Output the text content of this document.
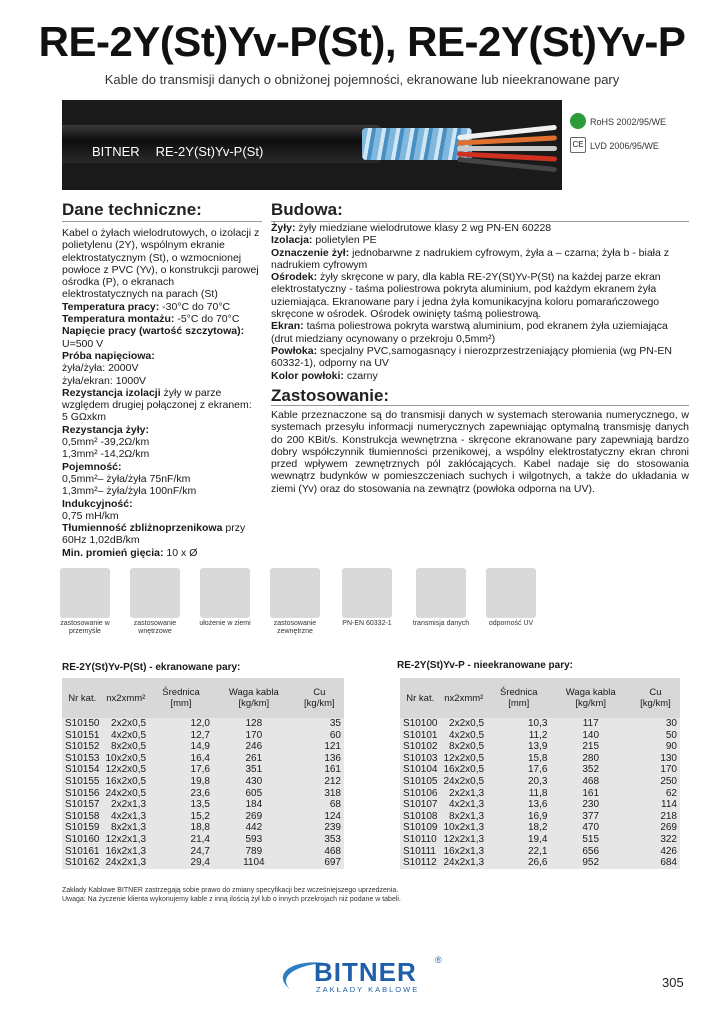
RE-2Y(St)Yv-P(St), RE-2Y(St)Yv-P
Kable do transmisji danych o obniżonej pojemności, ekranowane lub nieekranowane pary
BITNER RE-2Y(St)Yv-P(St)
RoHS 2002/95/WE
CE LVD 2006/95/WE
Dane techniczne:	Budowa:
Kabel o żyłach wielodrutowych, o izolacji z polietylenu (2Y), wspólnym ekranie elektrostatycznym (St), o wzmocnionej powłoce z PVC (Yv), o konstrukcji parowej ośrodka (P), o ekranach elektrostatycznych na parach (St)
Temperatura pracy: -30°C do 70°C
Temperatura montażu: -5°C do 70°C
Napięcie pracy (wartość szczytowa):
U=500 V
Próba napięciowa:
żyła/żyła: 2000V
żyła/ekran: 1000V
Rezystancja izolacji żyły w parze względem drugiej połączonej z ekranem:
5 GΩxkm
Rezystancja żyły:
0,5mm² -39,2Ω/km
1,3mm² -14,2Ω/km
Pojemność:
0,5mm²– żyła/żyła 75nF/km
1,3mm²– żyła/żyła 100nF/km
Indukcyjność:
0,75 mH/km
Tłumienność zbliżnoprzenikowa przy 60Hz 1,02dB/km
Min. promień gięcia: 10 x Ø
Żyły: żyły miedziane wielodrutowe klasy 2 wg PN-EN 60228
Izolacja: polietylen PE
Oznaczenie żył: jednobarwne z nadrukiem cyfrowym, żyła a – czarna; żyła b - biała z nadrukiem cyfrowym
Ośrodek: żyły skręcone w pary, dla kabla RE-2Y(St)Yv-P(St) na każdej parze ekran elektrostatyczny - taśma poliestrowa pokryta aluminium, pod każdym ekranem żyła uziemiająca. Ekranowane pary i jedna żyła komunikacyjna koloru pomarańczowego skręcone w ośrodek. Ośrodek owinięty taśmą poliestrową.
Ekran: taśma poliestrowa pokryta warstwą aluminium, pod ekranem żyła uziemiająca (drut miedziany ocynowany o przekroju 0,5mm²)
Powłoka: specjalny PVC,samogasnący i nierozprzestrzeniający płomienia (wg PN-EN 60332-1), odporny na UV
Kolor powłoki: czarny
Zastosowanie:
Kable przeznaczone są do transmisji danych w systemach sterowania numerycznego, w systemach przesyłu informacji numerycznych zapewniając optymalną transmisję danych do 200 KBit/s. Konstrukcja wewnętrzna - skręcone ekranowane pary zapewniają bardzo dobry współczynnik tłumienności przenikowej, a wspólny elektrostatyczny ekran chroni przed wpływem zewnętrznych pól zakłócających. Kabel nadaje się do stosowania wewnątrz budynków w pomieszczeniach suchych i wilgotnych, a także do układania w ziemi (Yv) oraz do stosowania na zewnątrz (powłoka odporna na UV).
zastosowanie w przemyśle
zastosowanie wnętrzowe
ułożenie w ziemi	zastosowanie zewnętrzne
PN-EN 60332-1	transmisja danych	odporność UV
RE-2Y(St)Yv-P(St) - ekranowane pary:
Nr kat.	nx2xmm²	Średnica [mm]	Waga kabla [kg/km]	Cu [kg/km]
S10150	2x2x0,5	12,0	128	35
S10151	4x2x0,5	12,7	170	60
S10152	8x2x0,5	14,9	246	121
S10153	10x2x0,5	16,4	261	136
S10154	12x2x0,5	17,6	351	161
S10155	16x2x0,5	19,8	430	212
S10156	24x2x0,5	23,6	605	318
S10157	2x2x1,3	13,5	184	68
S10158	4x2x1,3	15,2	269	124
S10159	8x2x1,3	18,8	442	239
S10160	12x2x1,3	21,4	593	353
S10161	16x2x1,3	24,7	789	468
S10162	24x2x1,3	29,4	1104	697
RE-2Y(St)Yv-P - nieekranowane pary:
Nr kat.	nx2xmm²	Średnica [mm]	Waga kabla [kg/km]	Cu [kg/km]
S10100	2x2x0,5	10,3	117	30
S10101	4x2x0,5	11,2	140	50
S10102	8x2x0,5	13,9	215	90
S10103	12x2x0,5	15,8	280	130
S10104	16x2x0,5	17,6	352	170
S10105	24x2x0,5	20,3	468	250
S10106	2x2x1,3	11,8	161	62
S10107	4x2x1,3	13,6	230	114
S10108	8x2x1,3	16,9	377	218
S10109	10x2x1,3	18,2	470	269
S10110	12x2x1,3	19,4	515	322
S10111	16x2x1,3	22,1	656	426
S10112	24x2x1,3	26,6	952	684
Zakłady Kablowe BITNER zastrzegają sobie prawo do zmiany specyfikacji bez wcześniejszego uprzedzenia.
Uwaga: Na życzenie klienta wykonujemy kable z inną ilością żył lub o innych przekrojach niż podane w tabeli.
BITNER ®
ZAKŁADY KABLOWE	305
